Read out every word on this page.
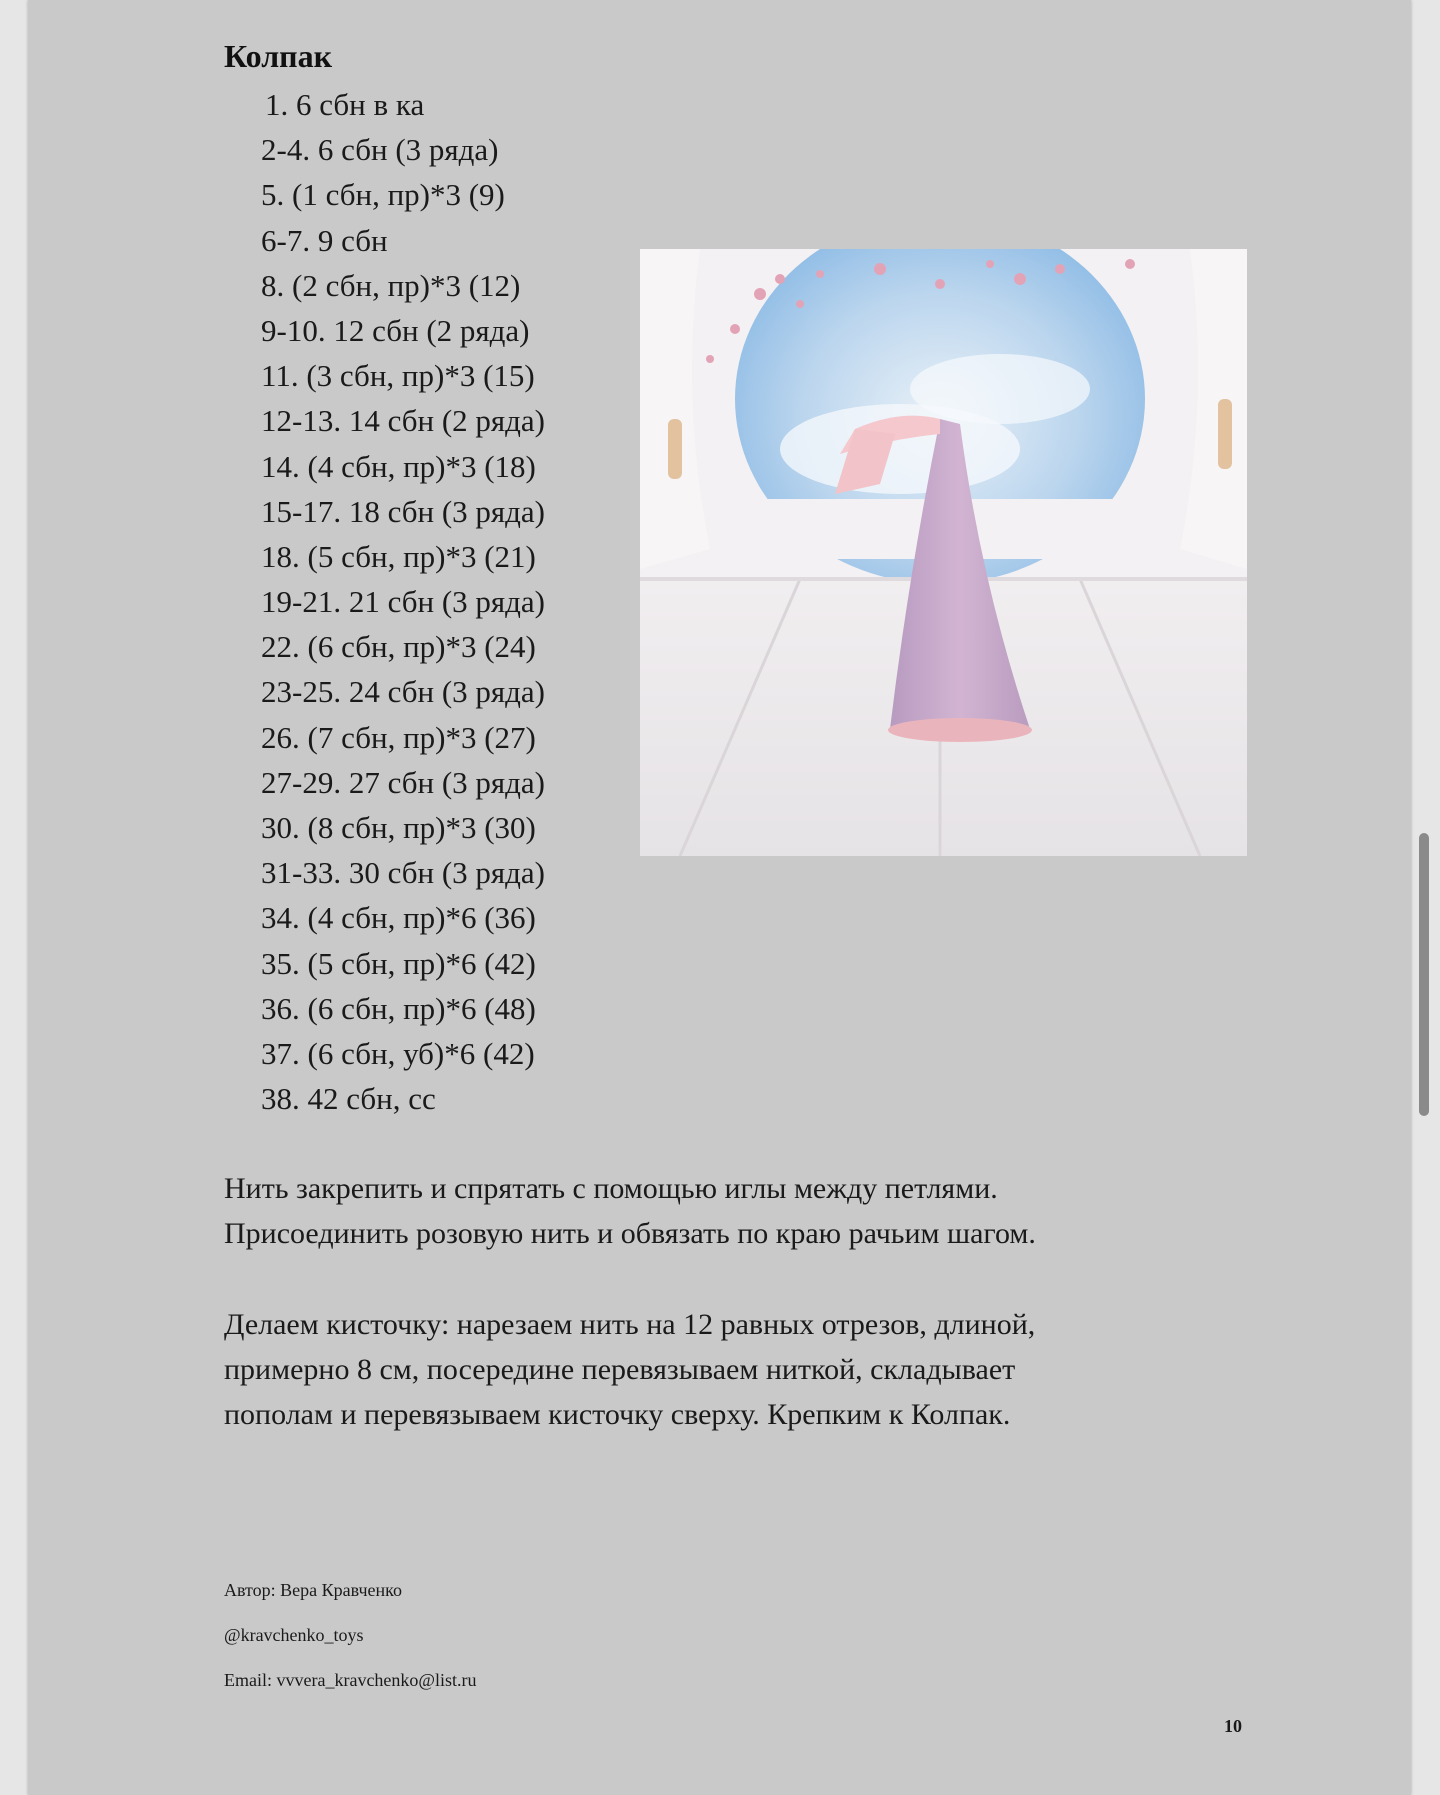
Колпак
1. 6 сбн в ка
2-4. 6 сбн (3 ряда)
5. (1 сбн, пр)*3 (9)
6-7. 9 сбн
8. (2 сбн, пр)*3 (12)
9-10. 12 сбн (2 ряда)
11. (3 сбн, пр)*3 (15)
12-13. 14 сбн (2 ряда)
14. (4 сбн, пр)*3 (18)
15-17. 18 сбн (3 ряда)
18. (5 сбн, пр)*3 (21)
19-21. 21 сбн (3 ряда)
22. (6 сбн, пр)*3 (24)
23-25. 24 сбн (3 ряда)
26. (7 сбн, пр)*3 (27)
27-29. 27 сбн (3 ряда)
30. (8 сбн, пр)*3 (30)
31-33. 30 сбн (3 ряда)
34. (4 сбн, пр)*6 (36)
35. (5 сбн, пр)*6 (42)
36. (6 сбн, пр)*6 (48)
37. (6 сбн, уб)*6 (42)
38. 42 сбн, сс

Нить закрепить и спрятать с помощью иглы между петлями.
Присоединить розовую нить и обвязать по краю рачьим шагом.

Делаем кисточку: нарезаем нить на 12 равных отрезов, длиной,
примерно 8 см, посередине перевязываем ниткой, складывает
пополам и перевязываем кисточку сверху. Крепким к Колпак.

Автор: Вера Кравченко

@kravchenko_toys

Email: vvvera_kravchenko@list.ru

10
